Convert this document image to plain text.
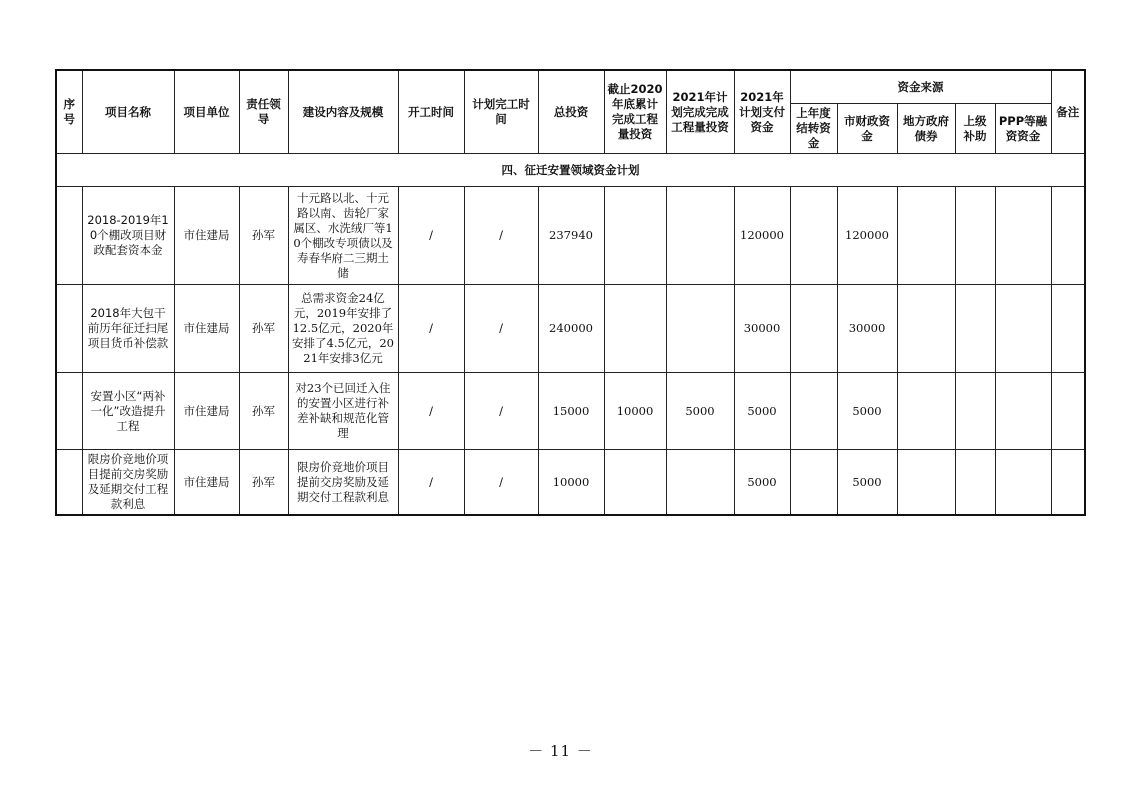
序号	项目名称	项目单位	责任领导	建设内容及规模	开工时间	计划完工时间	总投资	截止2020年底累计完成工程量投资	2021年计划完成完成工程量投资	2021年计划支付资金	资金来源					备注
											上年度结转资金	市财政资金	地方政府债券	上级补助	PPP等融资资金	
四、征迁安置领域资金计划																
	2018-2019年10个棚改项目财政配套资本金	市住建局	孙军	十元路以北、十元路以南、齿轮厂家属区、水洗绒厂等10个棚改专项债以及寿春华府二三期土储	/	/	237940			120000		120000				
	2018年大包干前历年征迁扫尾项目货币补偿款	市住建局	孙军	总需求资金24亿元，2019年安排了12.5亿元，2020年安排了4.5亿元，2021年安排3亿元	/	/	240000			30000		30000				
	安置小区“两补一化”改造提升工程	市住建局	孙军	对23个已回迁入住的安置小区进行补差补缺和规范化管理	/	/	15000	10000	5000	5000		5000				
	限房价竞地价项目提前交房奖励及延期交付工程款利息	市住建局	孙军	限房价竞地价项目提前交房奖励及延期交付工程款利息	/	/	10000			5000		5000				
－ 11 －
